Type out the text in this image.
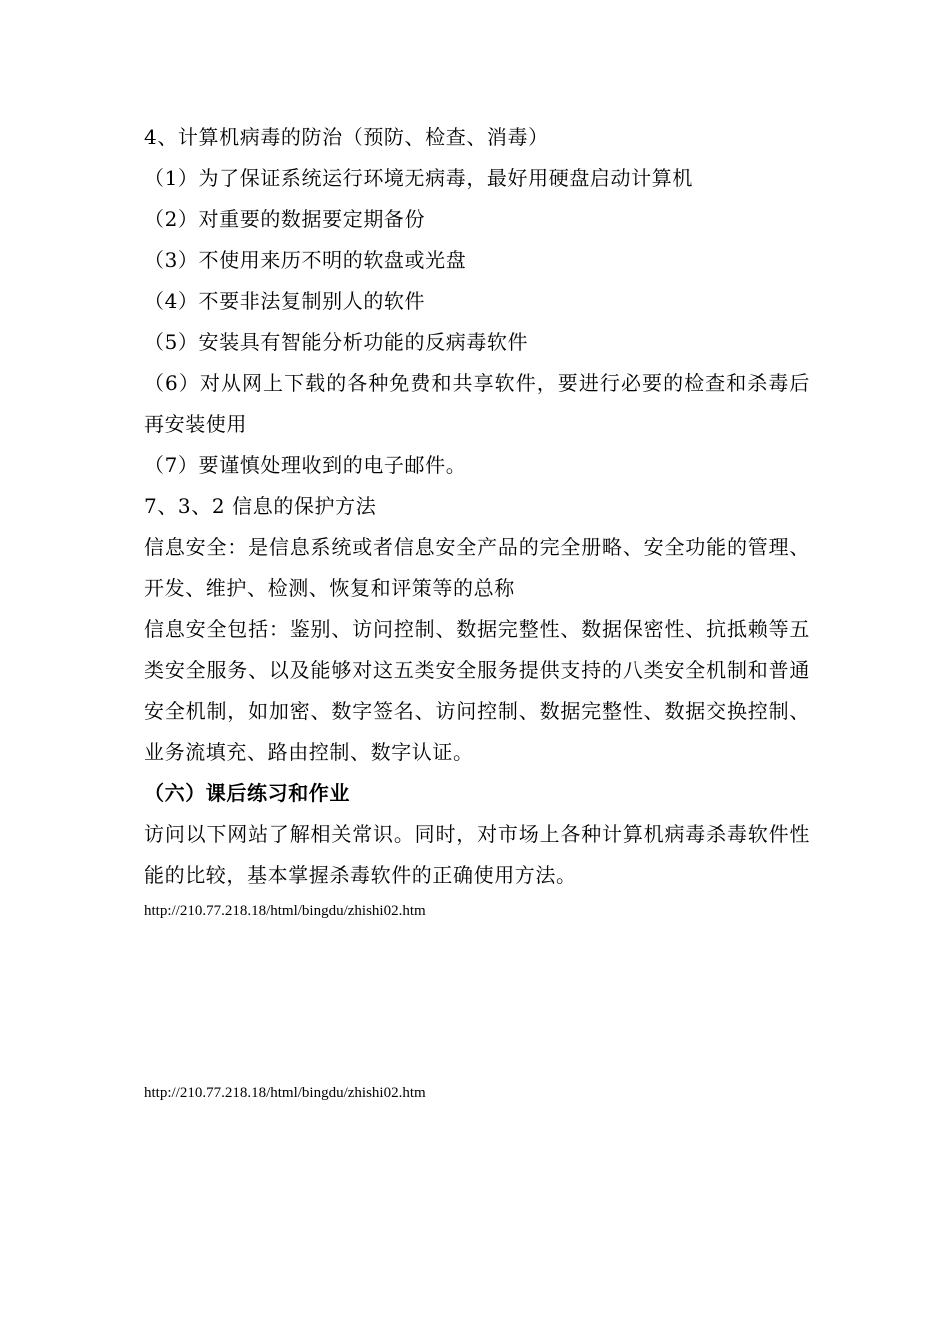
4、计算机病毒的防治（预防、检查、消毒）
（1）为了保证系统运行环境无病毒，最好用硬盘启动计算机
（2）对重要的数据要定期备份
（3）不使用来历不明的软盘或光盘
（4）不要非法复制别人的软件
（5）安装具有智能分析功能的反病毒软件
（6）对从网上下载的各种免费和共享软件，要进行必要的检查和杀毒后再安装使用
（7）要谨慎处理收到的电子邮件。
7、3、2 信息的保护方法
信息安全：是信息系统或者信息安全产品的完全册略、安全功能的管理、开发、维护、检测、恢复和评策等的总称
信息安全包括：鉴别、访问控制、数据完整性、数据保密性、抗抵赖等五类安全服务、以及能够对这五类安全服务提供支持的八类安全机制和普通安全机制，如加密、数字签名、访问控制、数据完整性、数据交换控制、业务流填充、路由控制、数字认证。
（六）课后练习和作业
访问以下网站了解相关常识。同时，对市场上各种计算机病毒杀毒软件性能的比较，基本掌握杀毒软件的正确使用方法。
http://210.77.218.18/html/bingdu/zhishi02.htm
http://210.77.218.18/html/bingdu/zhishi02.htm
